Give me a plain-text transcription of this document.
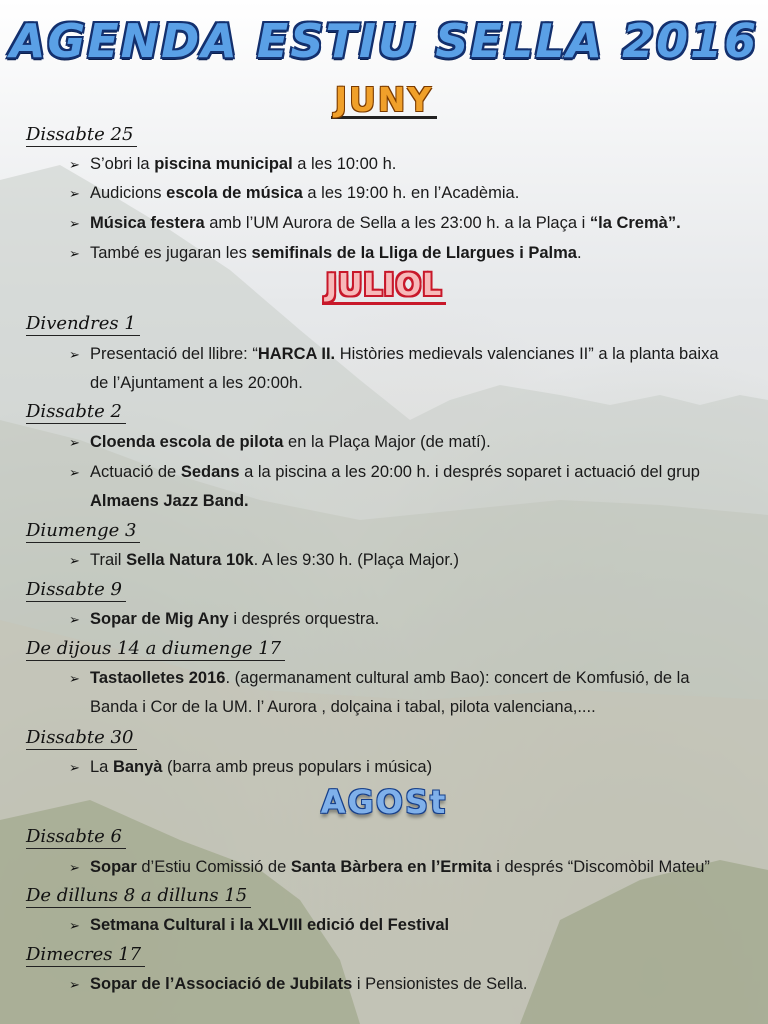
AGENDA ESTIU SELLA 2016
JUNY
Dissabte 25
➢ S’obri la piscina municipal a les 10:00 h.
➢ Audicions escola de música a les 19:00 h. en l’Acadèmia.
➢ Música festera amb l’UM Aurora de Sella a les 23:00 h. a la Plaça i “la Cremà”.
➢ També es jugaran les semifinals de la Lliga de Llargues i Palma.
JULIOL
Divendres 1
➢ Presentació del llibre: “HARCA II. Històries medievals valencianes II” a la planta baixa
de l’Ajuntament a les 20:00h.
Dissabte 2
➢ Cloenda escola de pilota en la Plaça Major (de matí).
➢ Actuació de Sedans a la piscina a les 20:00 h. i després soparet i actuació del grup
Almaens Jazz Band.
Diumenge 3
➢ Trail Sella Natura 10k. A les 9:30 h. (Plaça Major.)
Dissabte 9
➢ Sopar de Mig Any i després orquestra.
De dijous 14 a diumenge 17
➢ Tastaolletes 2016. (agermanament cultural amb Bao): concert de Komfusió, de la
Banda i Cor de la UM. l’ Aurora , dolçaina i tabal, pilota valenciana,....
Dissabte 30
➢ La Banyà (barra amb preus populars i música)
AGOSt
Dissabte 6
➢ Sopar d’Estiu Comissió de Santa Bàrbera en l’Ermita i després “Discomòbil Mateu”
De dilluns 8 a dilluns 15
➢ Setmana Cultural i la XLVIII edició del Festival
Dimecres 17
➢ Sopar de l’Associació de Jubilats i Pensionistes de Sella.
